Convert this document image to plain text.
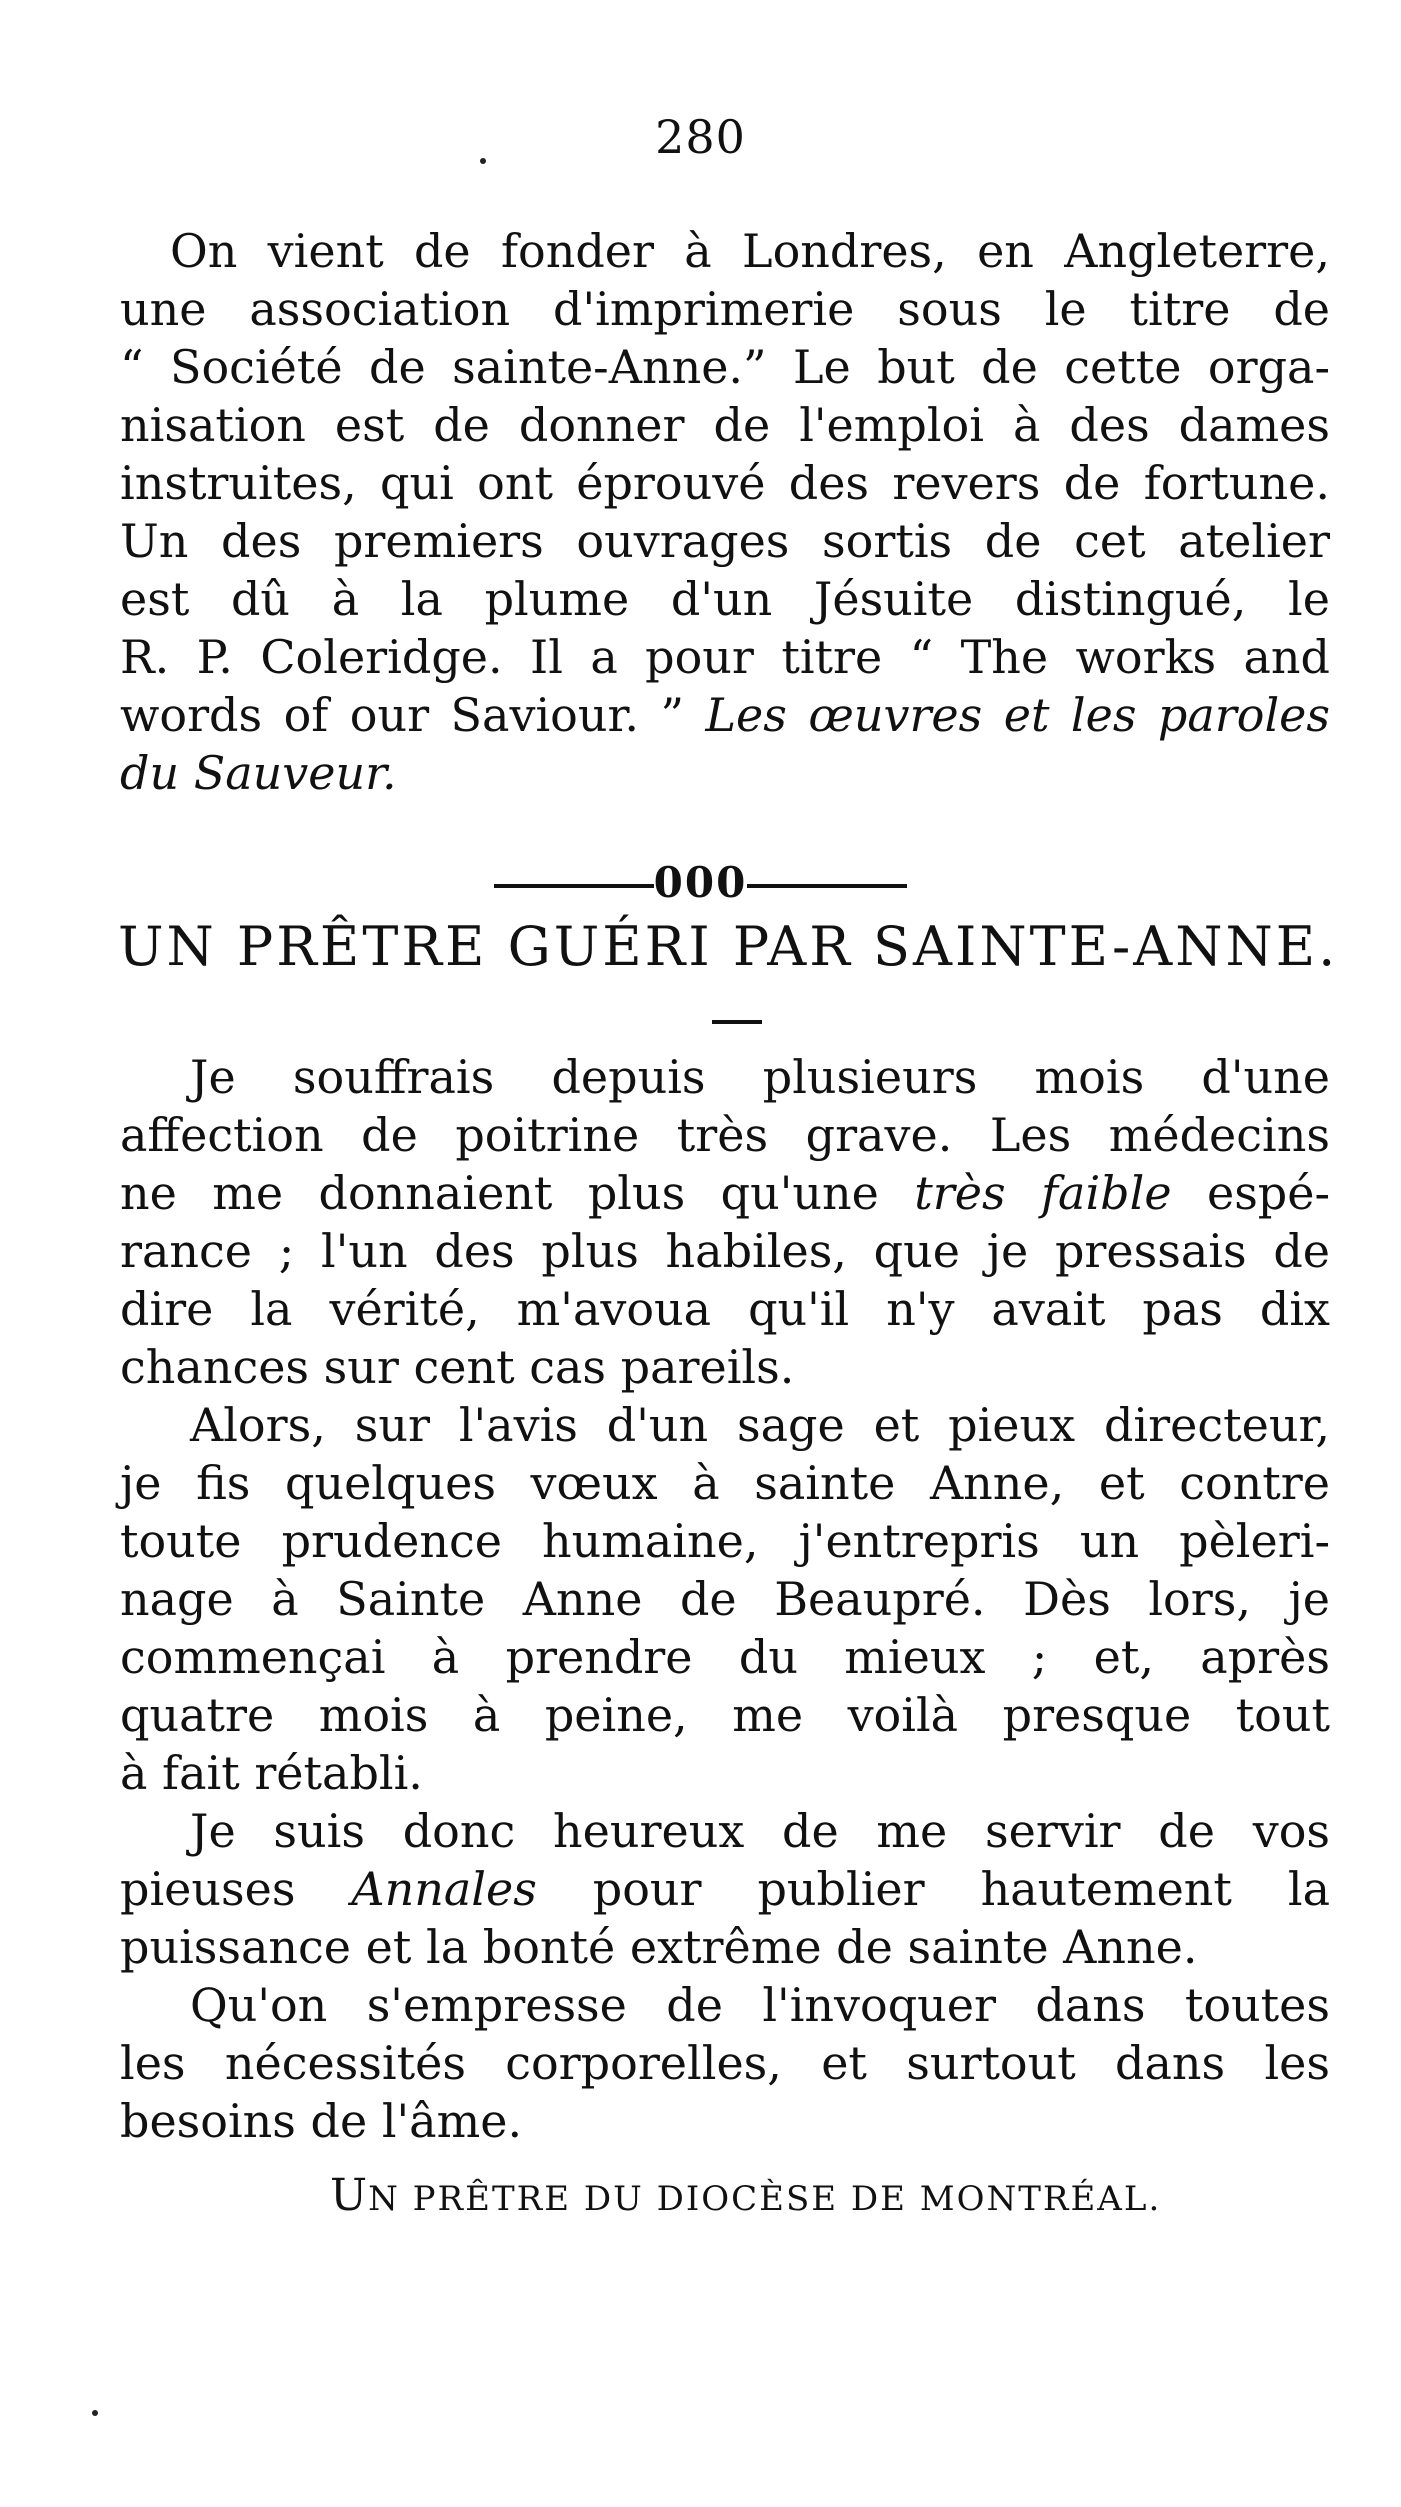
280
On vient de fonder à Londres, en Angleterre,
une association d'imprimerie sous le titre de
“ Société de sainte-Anne.” Le but de cette orga-
nisation est de donner de l'emploi à des dames
instruites, qui ont éprouvé des revers de fortune.
Un des premiers ouvrages sortis de cet atelier
est dû à la plume d'un Jésuite distingué, le
R. P. Coleridge. Il a pour titre “ The works and
words of our Saviour. ” Les œuvres et les paroles
du Sauveur.
000
UN PRÊTRE GUÉRI PAR SAINTE-ANNE.
Je souffrais depuis plusieurs mois d'une
affection de poitrine très grave. Les médecins
ne me donnaient plus qu'une très faible espé-
rance ; l'un des plus habiles, que je pressais de
dire la vérité, m'avoua qu'il n'y avait pas dix
chances sur cent cas pareils.
Alors, sur l'avis d'un sage et pieux directeur,
je fis quelques vœux à sainte Anne, et contre
toute prudence humaine, j'entrepris un pèleri-
nage à Sainte Anne de Beaupré. Dès lors, je
commençai à prendre du mieux ; et, après
quatre mois à peine, me voilà presque tout
à fait rétabli.
Je suis donc heureux de me servir de vos
pieuses Annales pour publier hautement la
puissance et la bonté extrême de sainte Anne.
Qu'on s'empresse de l'invoquer dans toutes
les nécessités corporelles, et surtout dans les
besoins de l'âme.
UN PRÊTRE DU DIOCÈSE DE MONTRÉAL.
